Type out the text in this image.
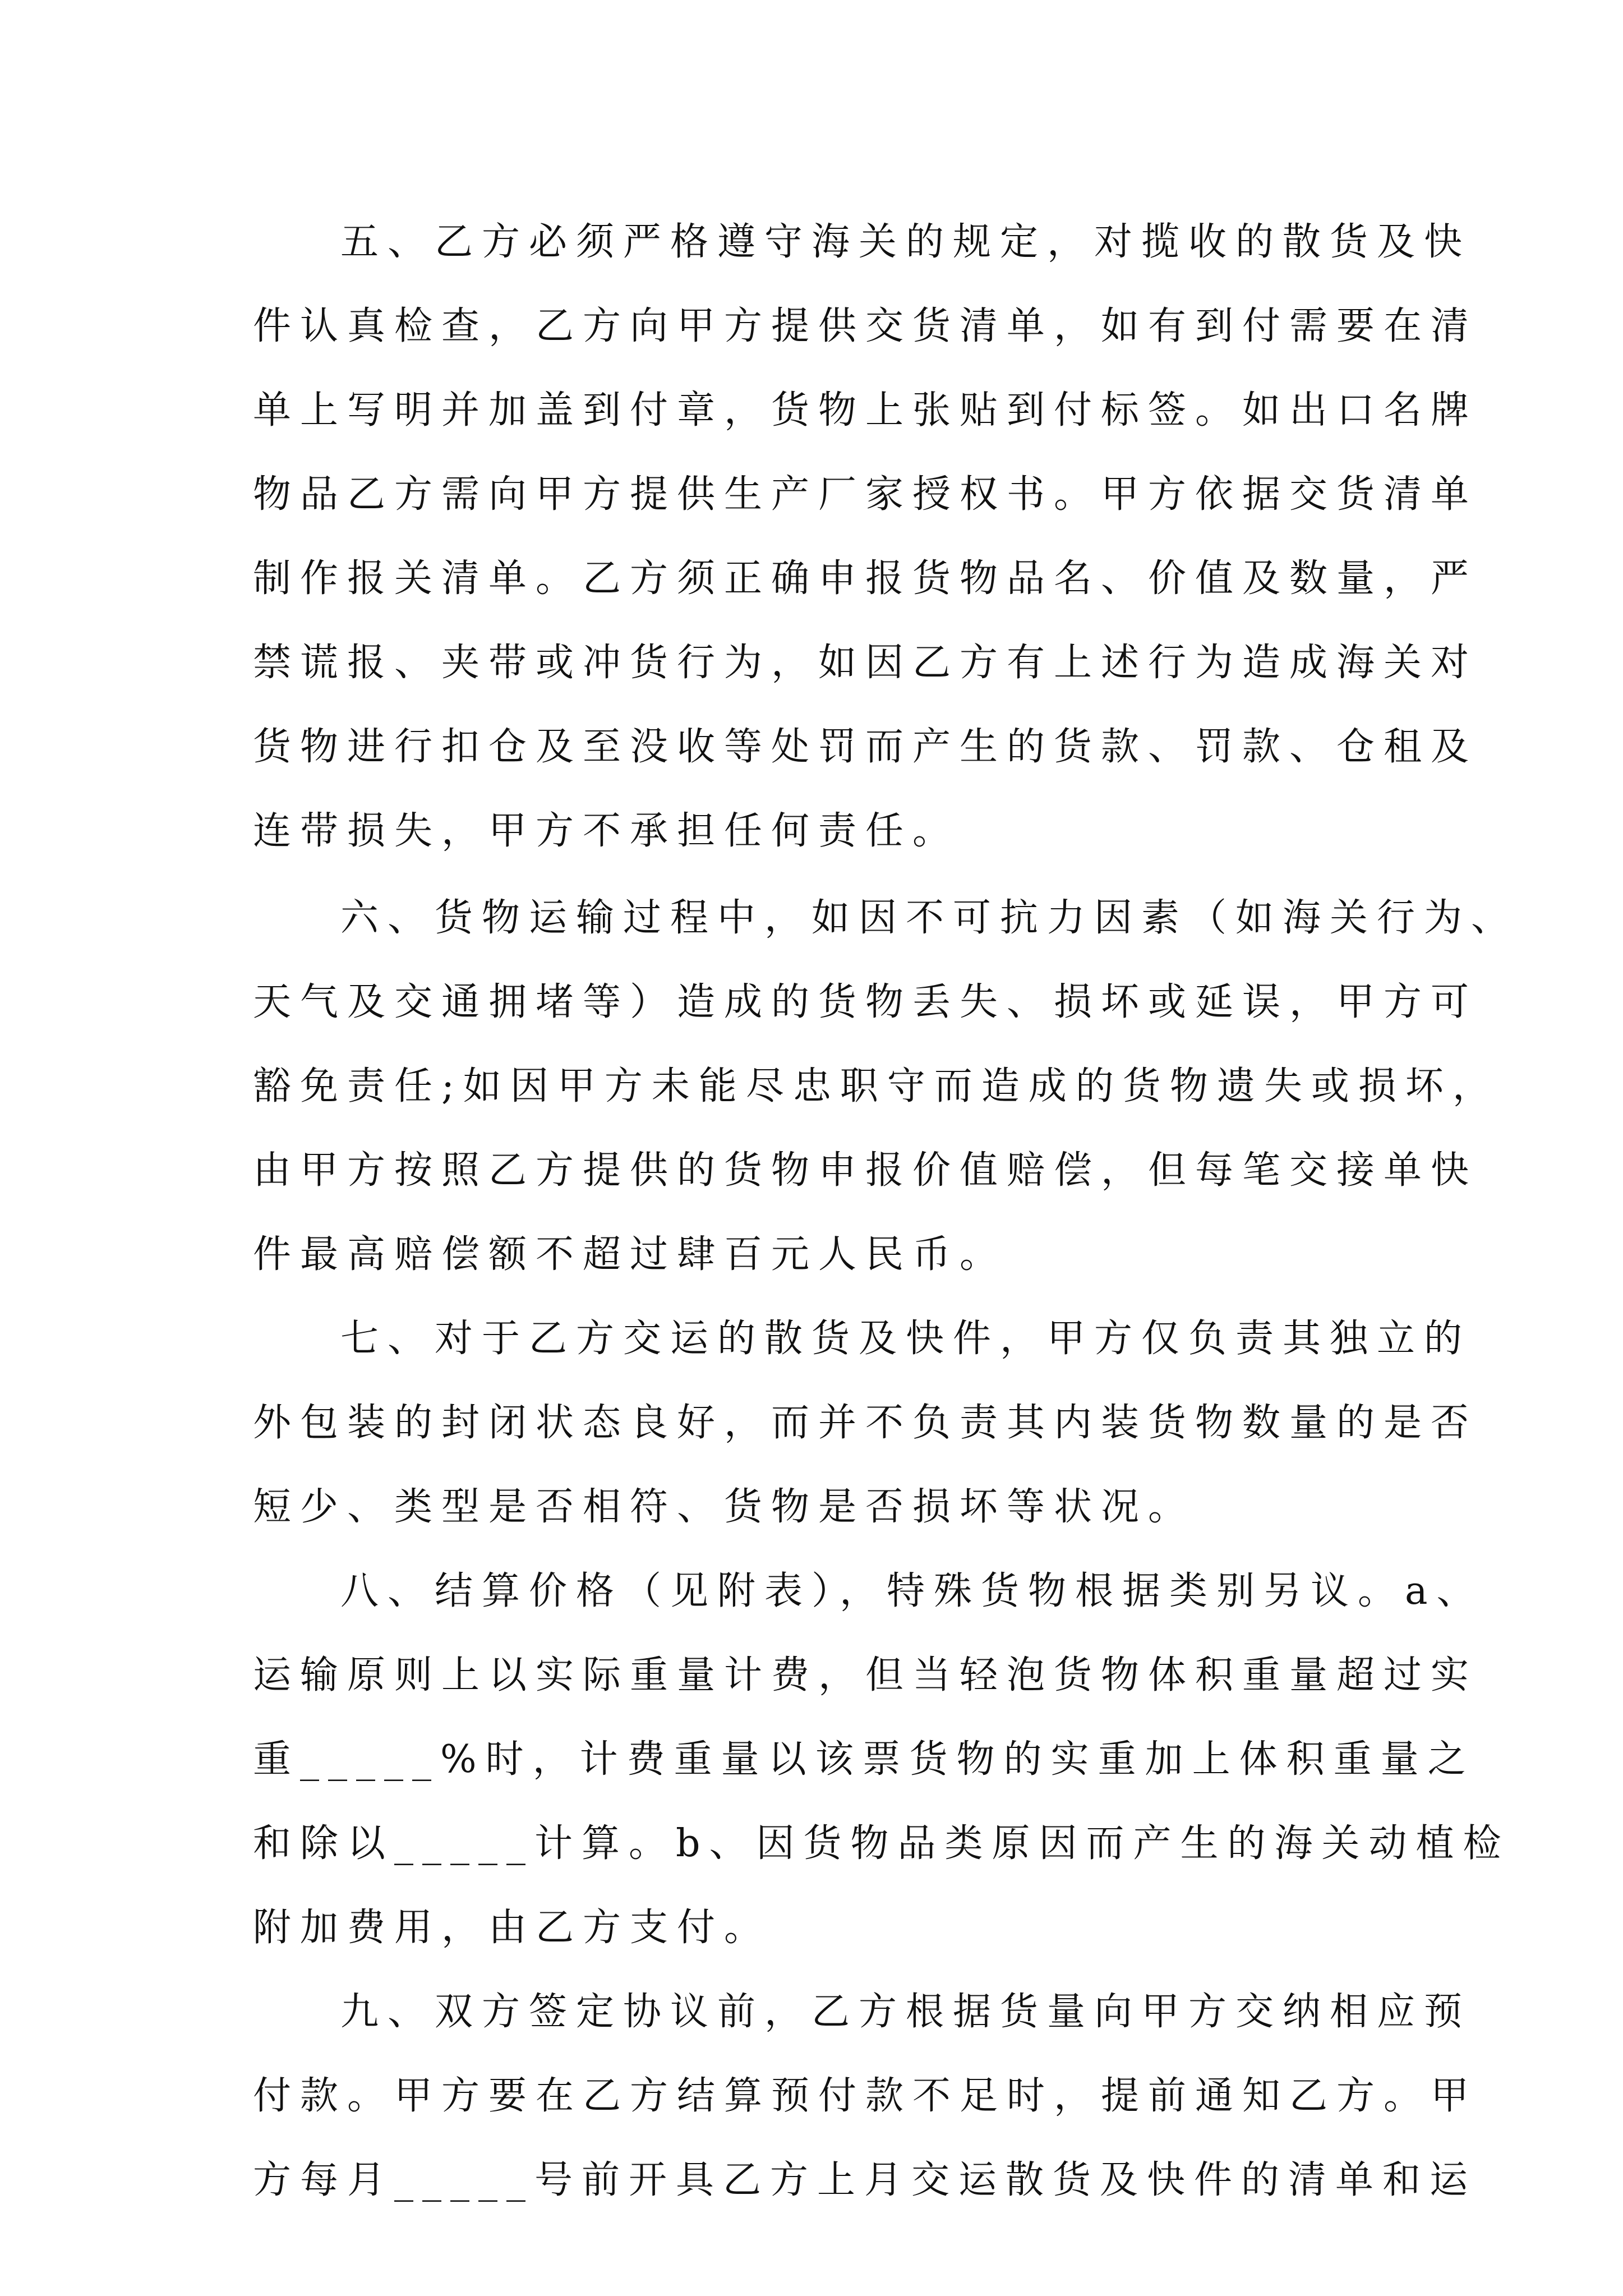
五、乙方必须严格遵守海关的规定，对揽收的散货及快
件认真检查，乙方向甲方提供交货清单，如有到付需要在清
单上写明并加盖到付章，货物上张贴到付标签。如出口名牌
物品乙方需向甲方提供生产厂家授权书。甲方依据交货清单
制作报关清单。乙方须正确申报货物品名、价值及数量，严
禁谎报、夹带或冲货行为，如因乙方有上述行为造成海关对
货物进行扣仓及至没收等处罚而产生的货款、罚款、仓租及
连带损失，甲方不承担任何责任。
六、货物运输过程中，如因不可抗力因素（如海关行为、
天气及交通拥堵等）造成的货物丢失、损坏或延误，甲方可
豁免责任;如因甲方未能尽忠职守而造成的货物遗失或损坏，
由甲方按照乙方提供的货物申报价值赔偿，但每笔交接单快
件最高赔偿额不超过肆百元人民币。
七、对于乙方交运的散货及快件，甲方仅负责其独立的
外包装的封闭状态良好，而并不负责其内装货物数量的是否
短少、类型是否相符、货物是否损坏等状况。
八、结算价格（见附表），特殊货物根据类别另议。a、
运输原则上以实际重量计费，但当轻泡货物体积重量超过实
重_____%时，计费重量以该票货物的实重加上体积重量之
和除以_____计算。b、因货物品类原因而产生的海关动植检
附加费用，由乙方支付。
九、双方签定协议前，乙方根据货量向甲方交纳相应预
付款。甲方要在乙方结算预付款不足时，提前通知乙方。甲
方每月_____号前开具乙方上月交运散货及快件的清单和运
